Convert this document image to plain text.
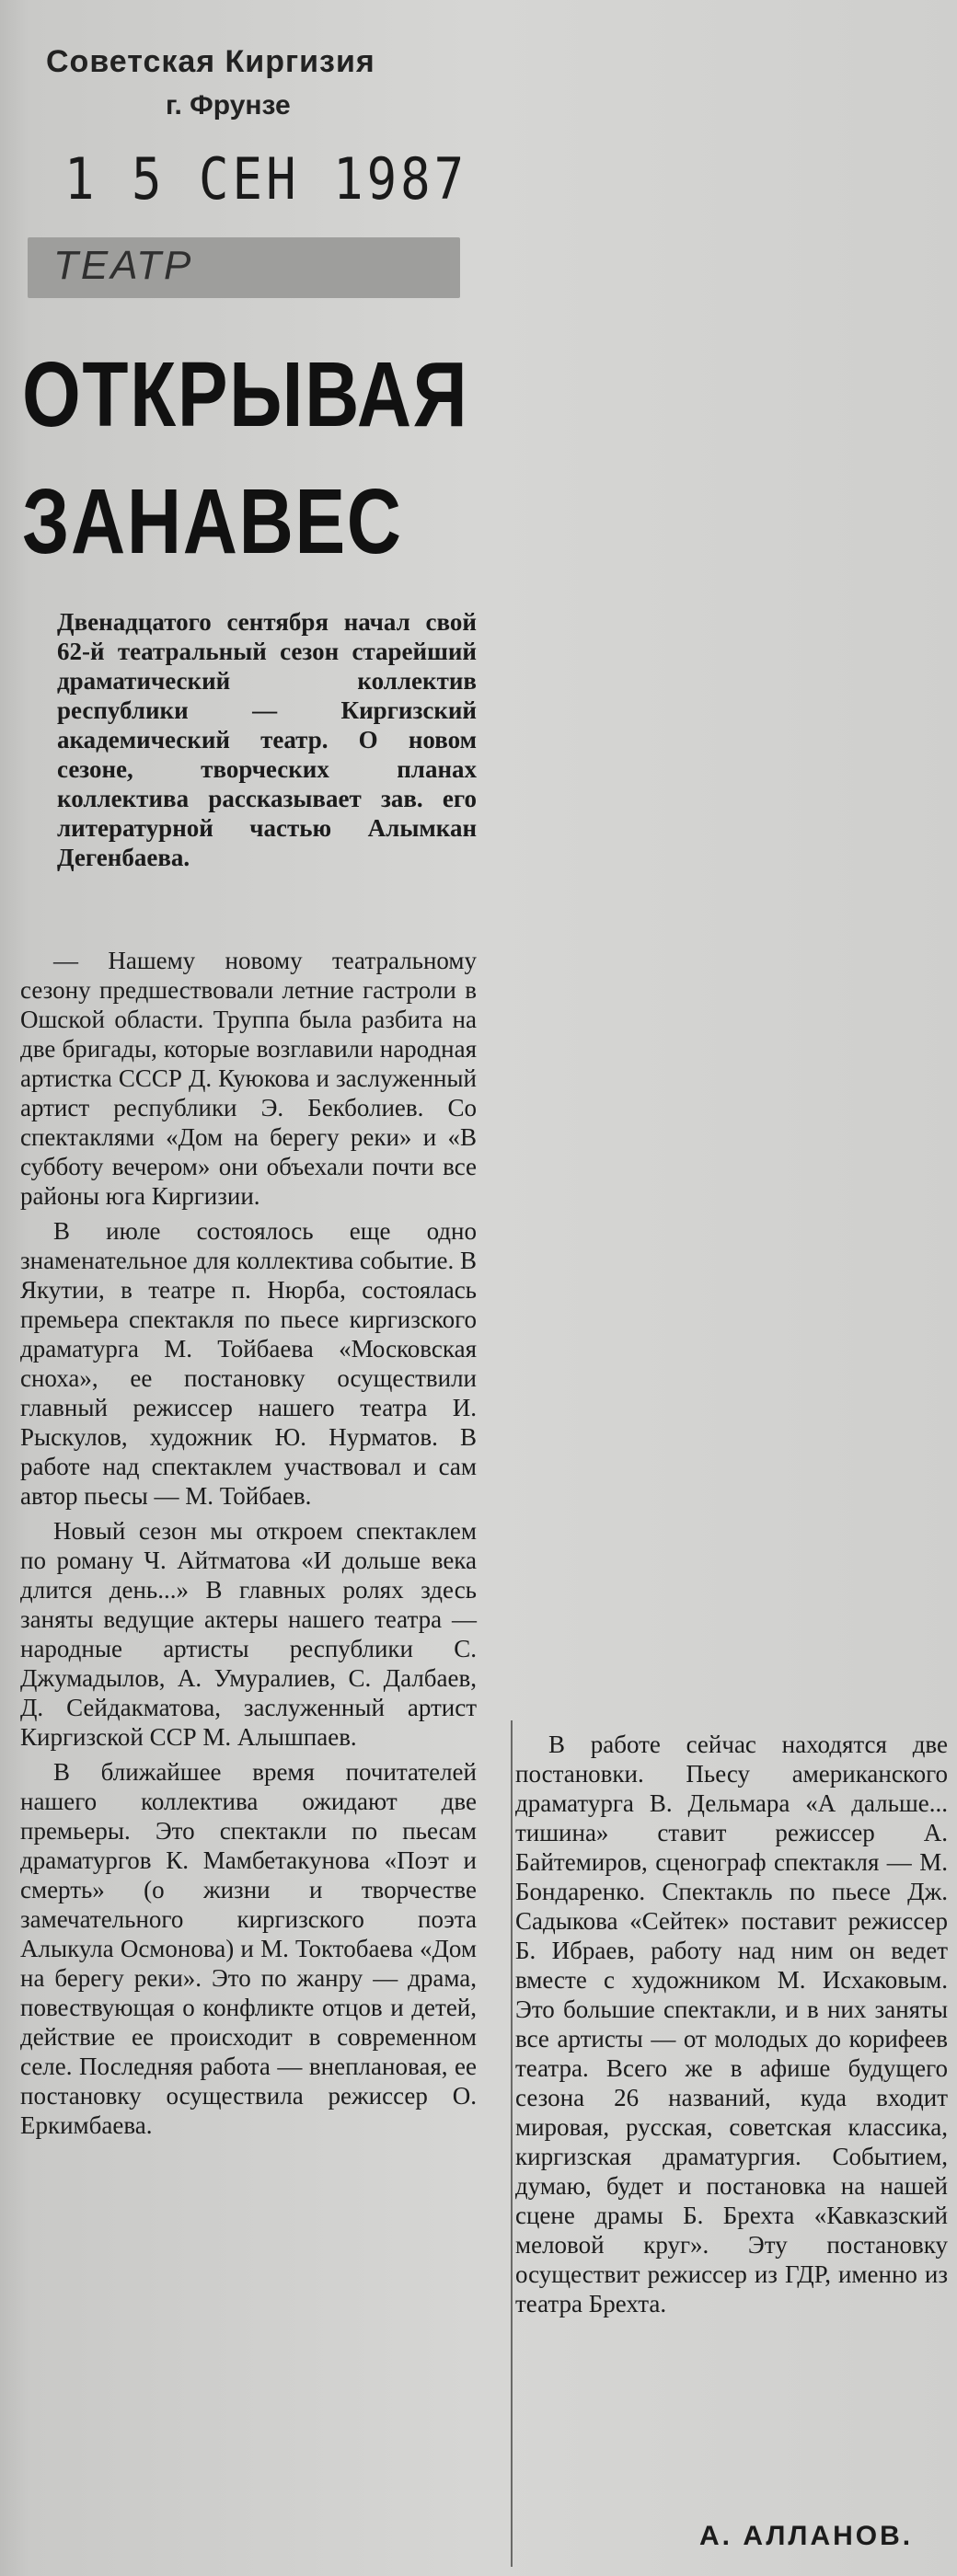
Советская Киргизия
г. Фрунзе
1 5 СЕН 1987
ТЕАТР
ОТКРЫВАЯ
ЗАНАВЕС

Двенадцатого сентября начал свой 62-й театральный сезон старейший драматический коллектив республики — Киргизский академический театр. О новом сезоне, творческих планах коллектива рассказывает зав. его литературной частью Алымкан Дегенбаева.

— Нашему новому театральному сезону предшествовали летние гастроли в Ошской области. Труппа была разбита на две бригады, которые возглавили народная артистка СССР Д. Куюкова и заслуженный артист республики Э. Бекболиев. Со спектаклями «Дом на берегу реки» и «В субботу вечером» они объехали почти все районы юга Киргизии.

В июле состоялось еще одно знаменательное для коллектива событие. В Якутии, в театре п. Нюрба, состоялась премьера спектакля по пьесе киргизского драматурга М. Тойбаева «Московская сноха», ее постановку осуществили главный режиссер нашего театра И. Рыскулов, художник Ю. Нурматов. В работе над спектаклем участвовал и сам автор пьесы — М. Тойбаев.

Новый сезон мы откроем спектаклем по роману Ч. Айтматова «И дольше века длится день...» В главных ролях здесь заняты ведущие актеры нашего театра — народные артисты республики С. Джумадылов, А. Умуралиев, С. Далбаев, Д. Сейдакматова, заслуженный артист Киргизской ССР М. Алышпаев.

В ближайшее время почитателей нашего коллектива ожидают две премьеры. Это спектакли по пьесам драматургов К. Мамбетакунова «Поэт и смерть» (о жизни и творчестве замечательного киргизского поэта Алыкула Осмонова) и М. Токтобаева «Дом на берегу реки». Это по жанру — драма, повествующая о конфликте отцов и детей, действие ее происходит в современном селе. Последняя работа — внеплановая, ее постановку осуществила режиссер О. Еркимбаева.

В работе сейчас находятся две постановки. Пьесу американского драматурга В. Дельмара «А дальше... тишина» ставит режиссер А. Байтемиров, сценограф спектакля — М. Бондаренко. Спектакль по пьесе Дж. Садыкова «Сейтек» поставит режиссер Б. Ибраев, работу над ним он ведет вместе с художником М. Исхаковым. Это большие спектакли, и в них заняты все артисты — от молодых до корифеев театра. Всего же в афише будущего сезона 26 названий, куда входит мировая, русская, советская классика, киргизская драматургия. Событием, думаю, будет и постановка на нашей сцене драмы Б. Брехта «Кавказский меловой круг». Эту постановку осуществит режиссер из ГДР, именно из театра Брехта.

А. АЛЛАНОВ.
